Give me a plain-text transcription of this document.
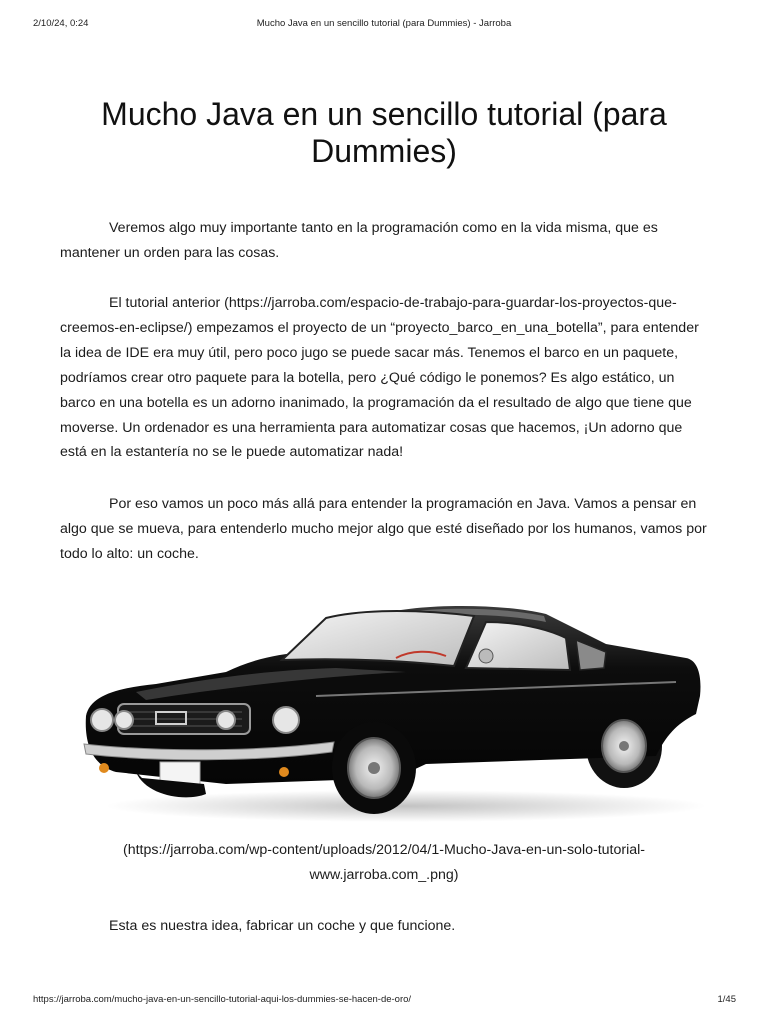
2/10/24, 0:24	Mucho Java en un sencillo tutorial (para Dummies) - Jarroba
Mucho Java en un sencillo tutorial (para Dummies)

Veremos algo muy importante tanto en la programación como en la vida misma, que es mantener un orden para las cosas.

El tutorial anterior (https://jarroba.com/espacio-de-trabajo-para-guardar-los-proyectos-que-creemos-en-eclipse/) empezamos el proyecto de un “proyecto_barco_en_una_botella”, para entender la idea de IDE era muy útil, pero poco jugo se puede sacar más. Tenemos el barco en un paquete, podríamos crear otro paquete para la botella, pero ¿Qué código le ponemos? Es algo estático, un barco en una botella es un adorno inanimado, la programación da el resultado de algo que tiene que moverse. Un ordenador es una herramienta para automatizar cosas que hacemos, ¡Un adorno que está en la estantería no se le puede automatizar nada!

Por eso vamos un poco más allá para entender la programación en Java. Vamos a pensar en algo que se mueva, para entenderlo mucho mejor algo que esté diseñado por los humanos, vamos por todo lo alto: un coche.

(https://jarroba.com/wp-content/uploads/2012/04/1-Mucho-Java-en-un-solo-tutorial-www.jarroba.com_.png)

Esta es nuestra idea, fabricar un coche y que funcione.

https://jarroba.com/mucho-java-en-un-sencillo-tutorial-aqui-los-dummies-se-hacen-de-oro/	1/45
